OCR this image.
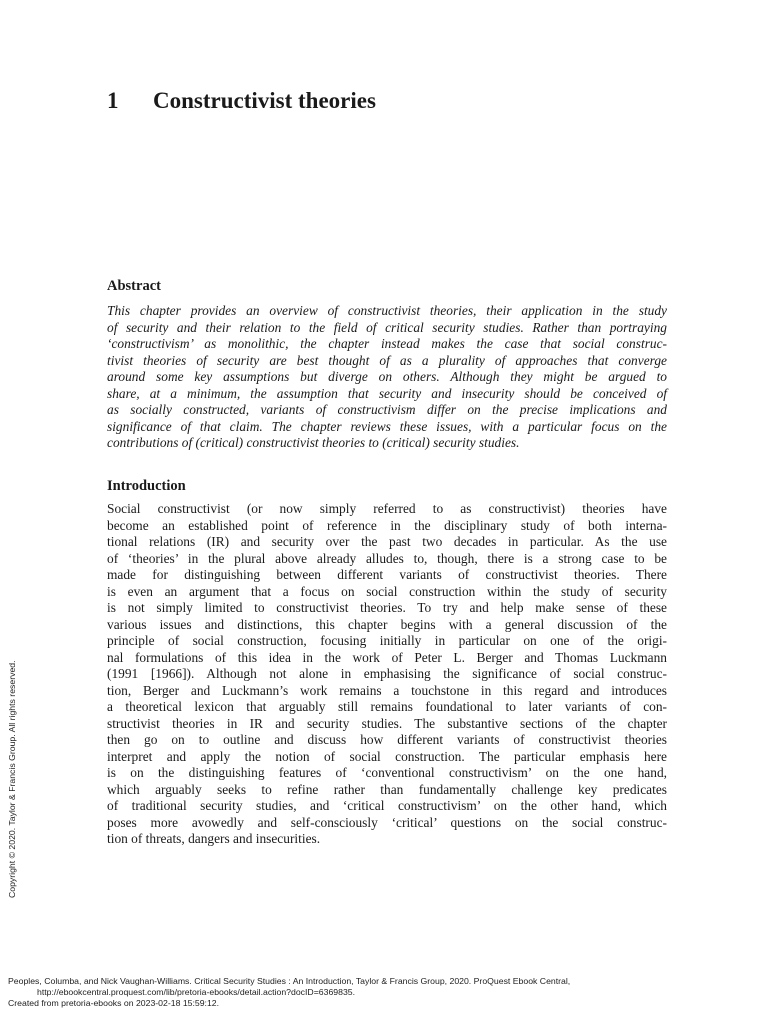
1 Constructivist theories
Abstract
This chapter provides an overview of constructivist theories, their application in the study
of security and their relation to the field of critical security studies. Rather than portraying
‘constructivism’ as monolithic, the chapter instead makes the case that social construc-
tivist theories of security are best thought of as a plurality of approaches that converge
around some key assumptions but diverge on others. Although they might be argued to
share, at a minimum, the assumption that security and insecurity should be conceived of
as socially constructed, variants of constructivism differ on the precise implications and
significance of that claim. The chapter reviews these issues, with a particular focus on the
contributions of (critical) constructivist theories to (critical) security studies.
Introduction
Social constructivist (or now simply referred to as constructivist) theories have
become an established point of reference in the disciplinary study of both interna-
tional relations (IR) and security over the past two decades in particular. As the use
of ‘theories’ in the plural above already alludes to, though, there is a strong case to be
made for distinguishing between different variants of constructivist theories. There
is even an argument that a focus on social construction within the study of security
is not simply limited to constructivist theories. To try and help make sense of these
various issues and distinctions, this chapter begins with a general discussion of the
principle of social construction, focusing initially in particular on one of the origi-
nal formulations of this idea in the work of Peter L. Berger and Thomas Luckmann
(1991 [1966]). Although not alone in emphasising the significance of social construc-
tion, Berger and Luckmann’s work remains a touchstone in this regard and introduces
a theoretical lexicon that arguably still remains foundational to later variants of con-
structivist theories in IR and security studies. The substantive sections of the chapter
then go on to outline and discuss how different variants of constructivist theories
interpret and apply the notion of social construction. The particular emphasis here
is on the distinguishing features of ‘conventional constructivism’ on the one hand,
which arguably seeks to refine rather than fundamentally challenge key predicates
of traditional security studies, and ‘critical constructivism’ on the other hand, which
poses more avowedly and self-consciously ‘critical’ questions on the social construc-
tion of threats, dangers and insecurities.
Copyright © 2020. Taylor & Francis Group. All rights reserved.
Peoples, Columba, and Nick Vaughan-Williams. Critical Security Studies : An Introduction, Taylor & Francis Group, 2020. ProQuest Ebook Central,
http://ebookcentral.proquest.com/lib/pretoria-ebooks/detail.action?docID=6369835.
Created from pretoria-ebooks on 2023-02-18 15:59:12.
